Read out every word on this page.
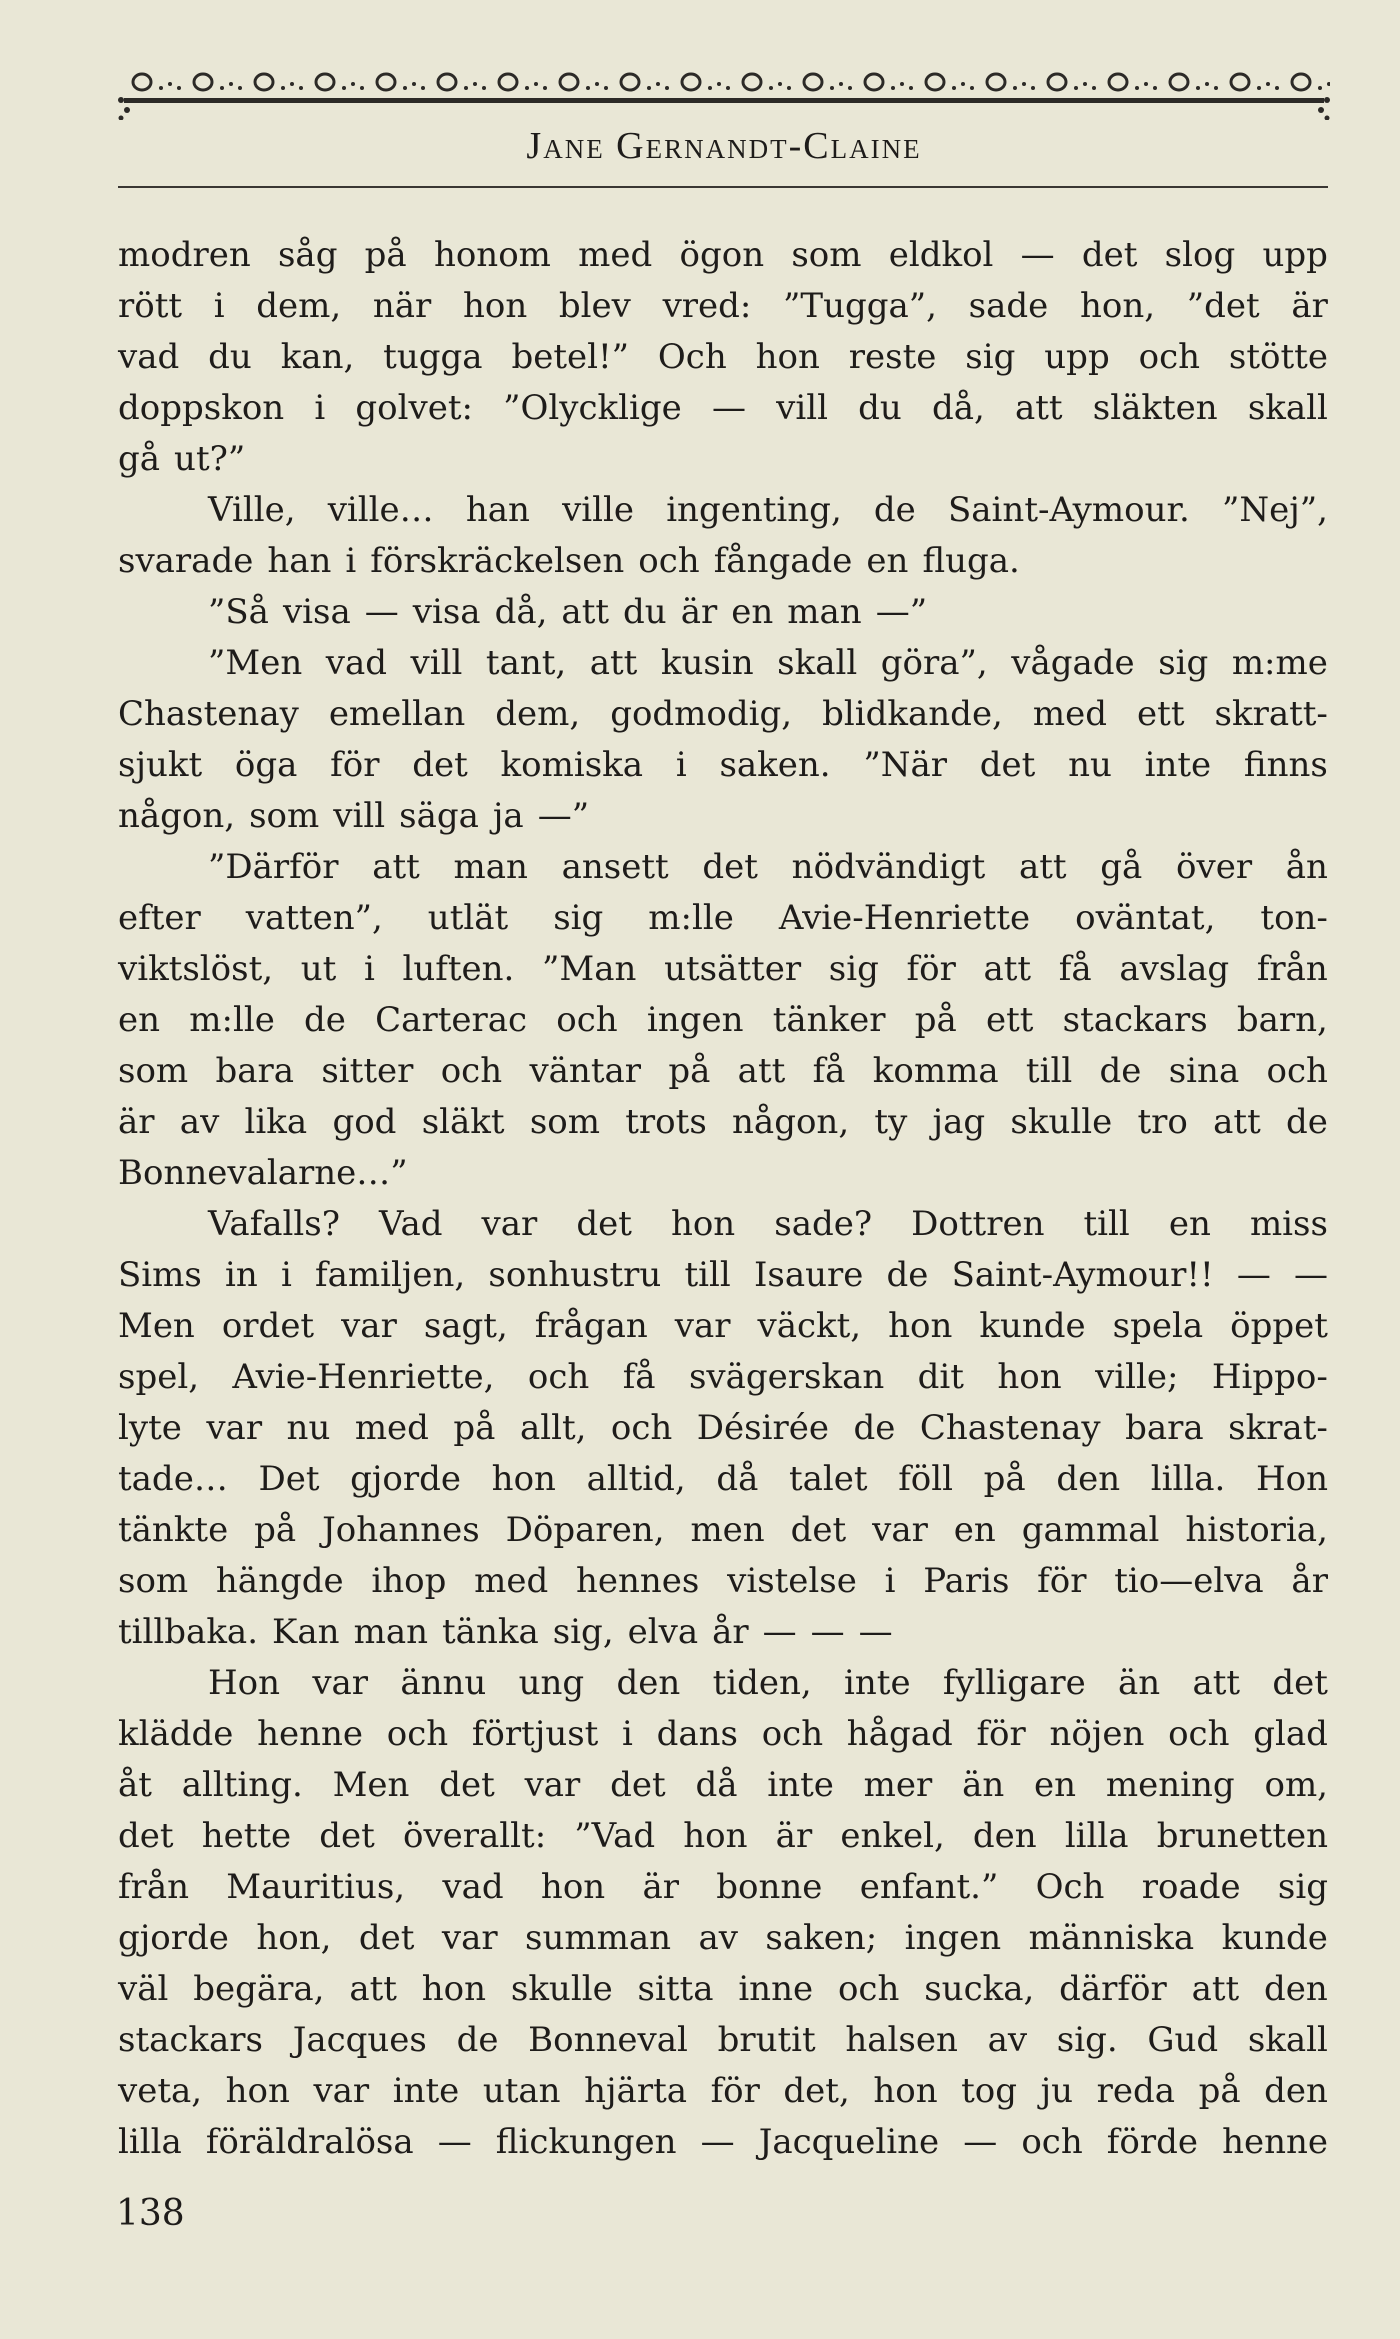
Jane Gernandt-Claine
modren såg på honom med ögon som eldkol — det slog upp
rött i dem, när hon blev vred: ”Tugga”, sade hon, ”det är
vad du kan, tugga betel!” Och hon reste sig upp och stötte
doppskon i golvet: ”Olycklige — vill du då, att släkten skall
gå ut?”
Ville, ville… han ville ingenting, de Saint-Aymour. ”Nej”,
svarade han i förskräckelsen och fångade en fluga.
”Så visa — visa då, att du är en man —”
”Men vad vill tant, att kusin skall göra”, vågade sig m:me
Chastenay emellan dem, godmodig, blidkande, med ett skratt-
sjukt öga för det komiska i saken. ”När det nu inte finns
någon, som vill säga ja —”
”Därför att man ansett det nödvändigt att gå över ån
efter vatten”, utlät sig m:lle Avie-Henriette oväntat, ton-
viktslöst, ut i luften. ”Man utsätter sig för att få avslag från
en m:lle de Carterac och ingen tänker på ett stackars barn,
som bara sitter och väntar på att få komma till de sina och
är av lika god släkt som trots någon, ty jag skulle tro att de
Bonnevalarne…”
Vafalls? Vad var det hon sade? Dottren till en miss
Sims in i familjen, sonhustru till Isaure de Saint-Aymour!! — —
Men ordet var sagt, frågan var väckt, hon kunde spela öppet
spel, Avie-Henriette, och få svägerskan dit hon ville; Hippo-
lyte var nu med på allt, och Désirée de Chastenay bara skrat-
tade… Det gjorde hon alltid, då talet föll på den lilla. Hon
tänkte på Johannes Döparen, men det var en gammal historia,
som hängde ihop med hennes vistelse i Paris för tio—elva år
tillbaka. Kan man tänka sig, elva år — — —
Hon var ännu ung den tiden, inte fylligare än att det
klädde henne och förtjust i dans och hågad för nöjen och glad
åt allting. Men det var det då inte mer än en mening om,
det hette det överallt: ”Vad hon är enkel, den lilla brunetten
från Mauritius, vad hon är bonne enfant.” Och roade sig
gjorde hon, det var summan av saken; ingen människa kunde
väl begära, att hon skulle sitta inne och sucka, därför att den
stackars Jacques de Bonneval brutit halsen av sig. Gud skall
veta, hon var inte utan hjärta för det, hon tog ju reda på den
lilla föräldralösa — flickungen — Jacqueline — och förde henne
138
